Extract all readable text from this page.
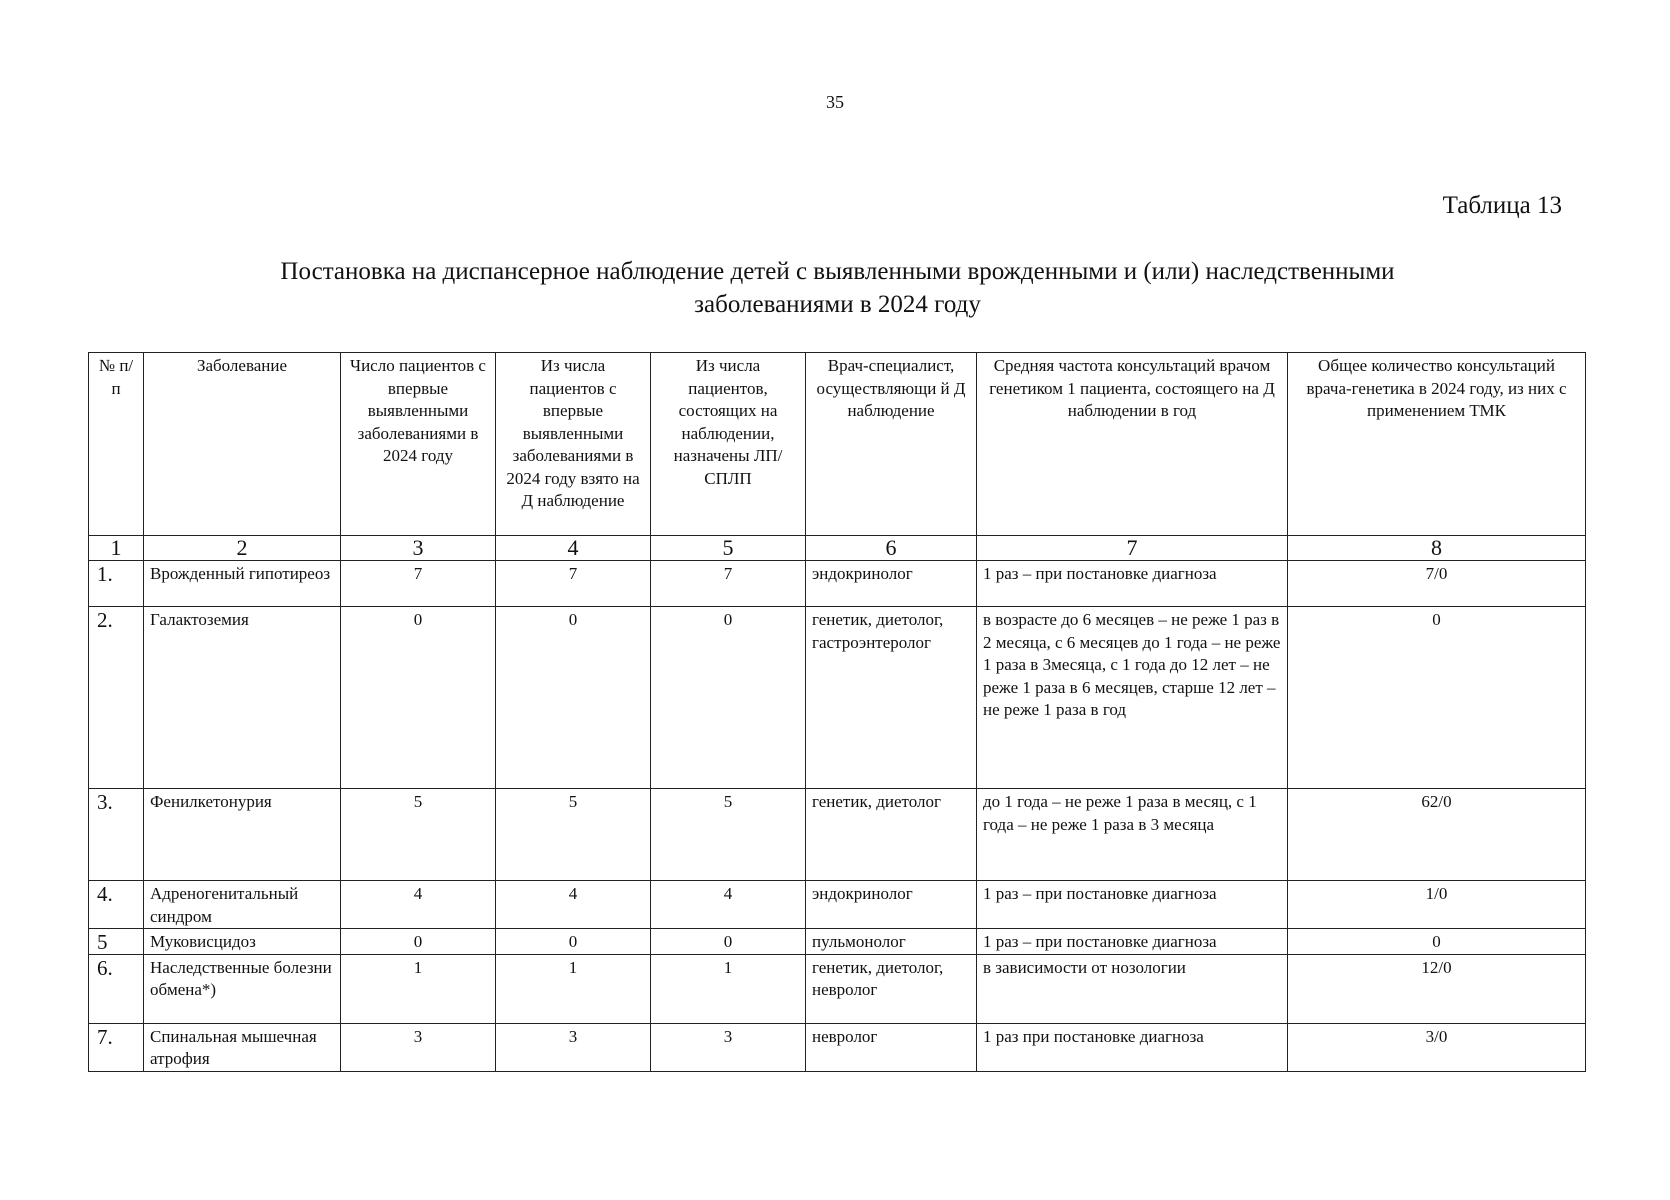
35
Таблица 13
Постановка на диспансерное наблюдение детей с выявленными врожденными и (или) наследственными
заболеваниями в 2024 году
№ п/п	Заболевание	Число пациентов с впервые выявленными заболеваниями в 2024 году	Из числа пациентов с впервые выявленными заболеваниями в 2024 году взято на Д наблюдение	Из числа пациентов, состоящих на наблюдении, назначены ЛП/ СПЛП	Врач-специалист, осуществляющи й Д наблюдение	Средняя частота консультаций врачом генетиком 1 пациента, состоящего на Д наблюдении в год	Общее количество консультаций врача-генетика в 2024 году, из них с применением ТМК
1	2	3	4	5	6	7	8
1.	Врожденный гипотиреоз	7	7	7	эндокринолог	1 раз – при постановке диагноза	7/0
2.	Галактоземия	0	0	0	генетик, диетолог, гастроэнтеролог	в возрасте до 6 месяцев – не реже 1 раз в 2 месяца, с 6 месяцев до 1 года – не реже 1 раза в 3месяца, с 1 года до 12 лет – не реже 1 раза в 6 месяцев, старше 12 лет – не реже 1 раза в год	0
3.	Фенилкетонурия	5	5	5	генетик, диетолог	до 1 года – не реже 1 раза в месяц, с 1 года – не реже 1 раза в 3 месяца	62/0
4.	Адреногенитальный синдром	4	4	4	эндокринолог	1 раз – при постановке диагноза	1/0
5	Муковисцидоз	0	0	0	пульмонолог	1 раз – при постановке диагноза	0
6.	Наследственные болезни обмена*)	1	1	1	генетик, диетолог, невролог	в зависимости от нозологии	12/0
7.	Спинальная мышечная атрофия	3	3	3	невролог	1 раз при постановке диагноза	3/0
